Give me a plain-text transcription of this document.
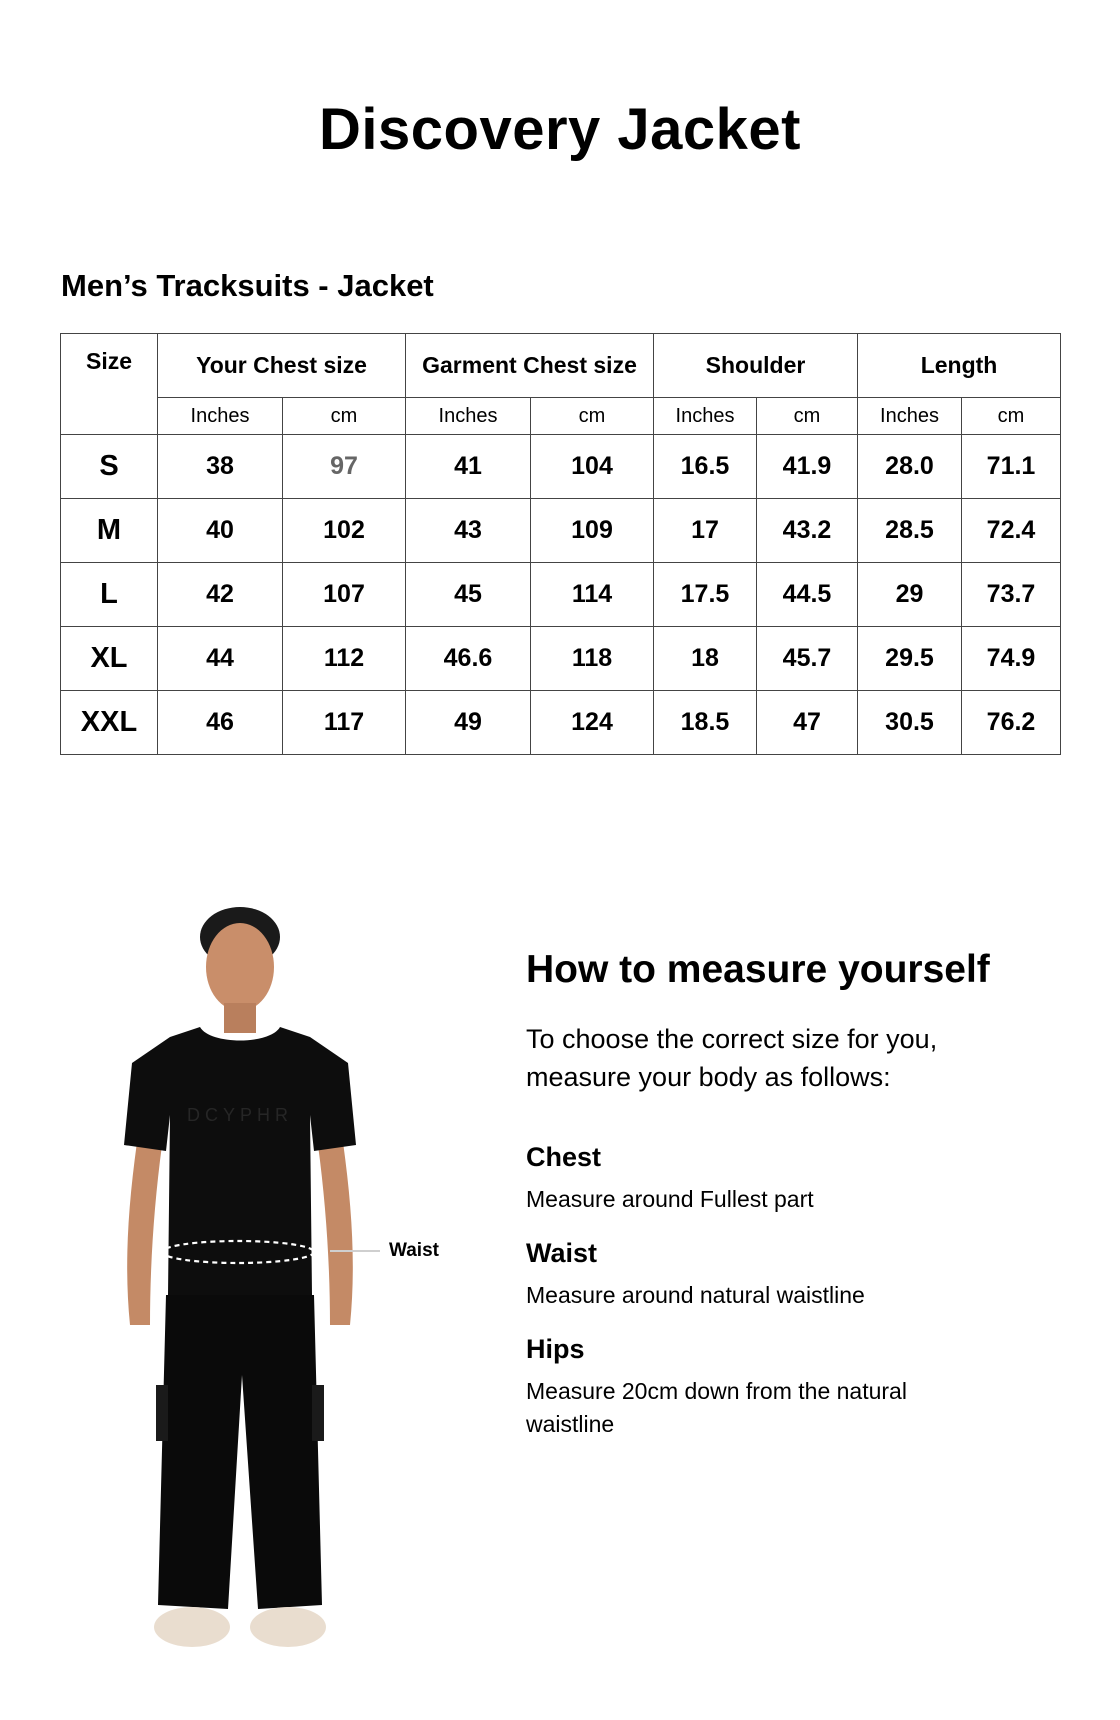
Discovery Jacket
Men’s Tracksuits - Jacket
Size	Your Chest size		Garment Chest size		Shoulder		Length	
	Inches	cm	Inches	cm	Inches	cm	Inches	cm
S	38	97	41	104	16.5	41.9	28.0	71.1
M	40	102	43	109	17	43.2	28.5	72.4
L	42	107	45	114	17.5	44.5	29	73.7
XL	44	112	46.6	118	18	45.7	29.5	74.9
XXL	46	117	49	124	18.5	47	30.5	76.2
DCYPHR
Waist
How to measure yourself

To choose the correct size for you, measure your body as follows:

Chest

Measure around Fullest part

Waist

Measure around natural waistline

Hips

Measure 20cm down from the natural waistline
